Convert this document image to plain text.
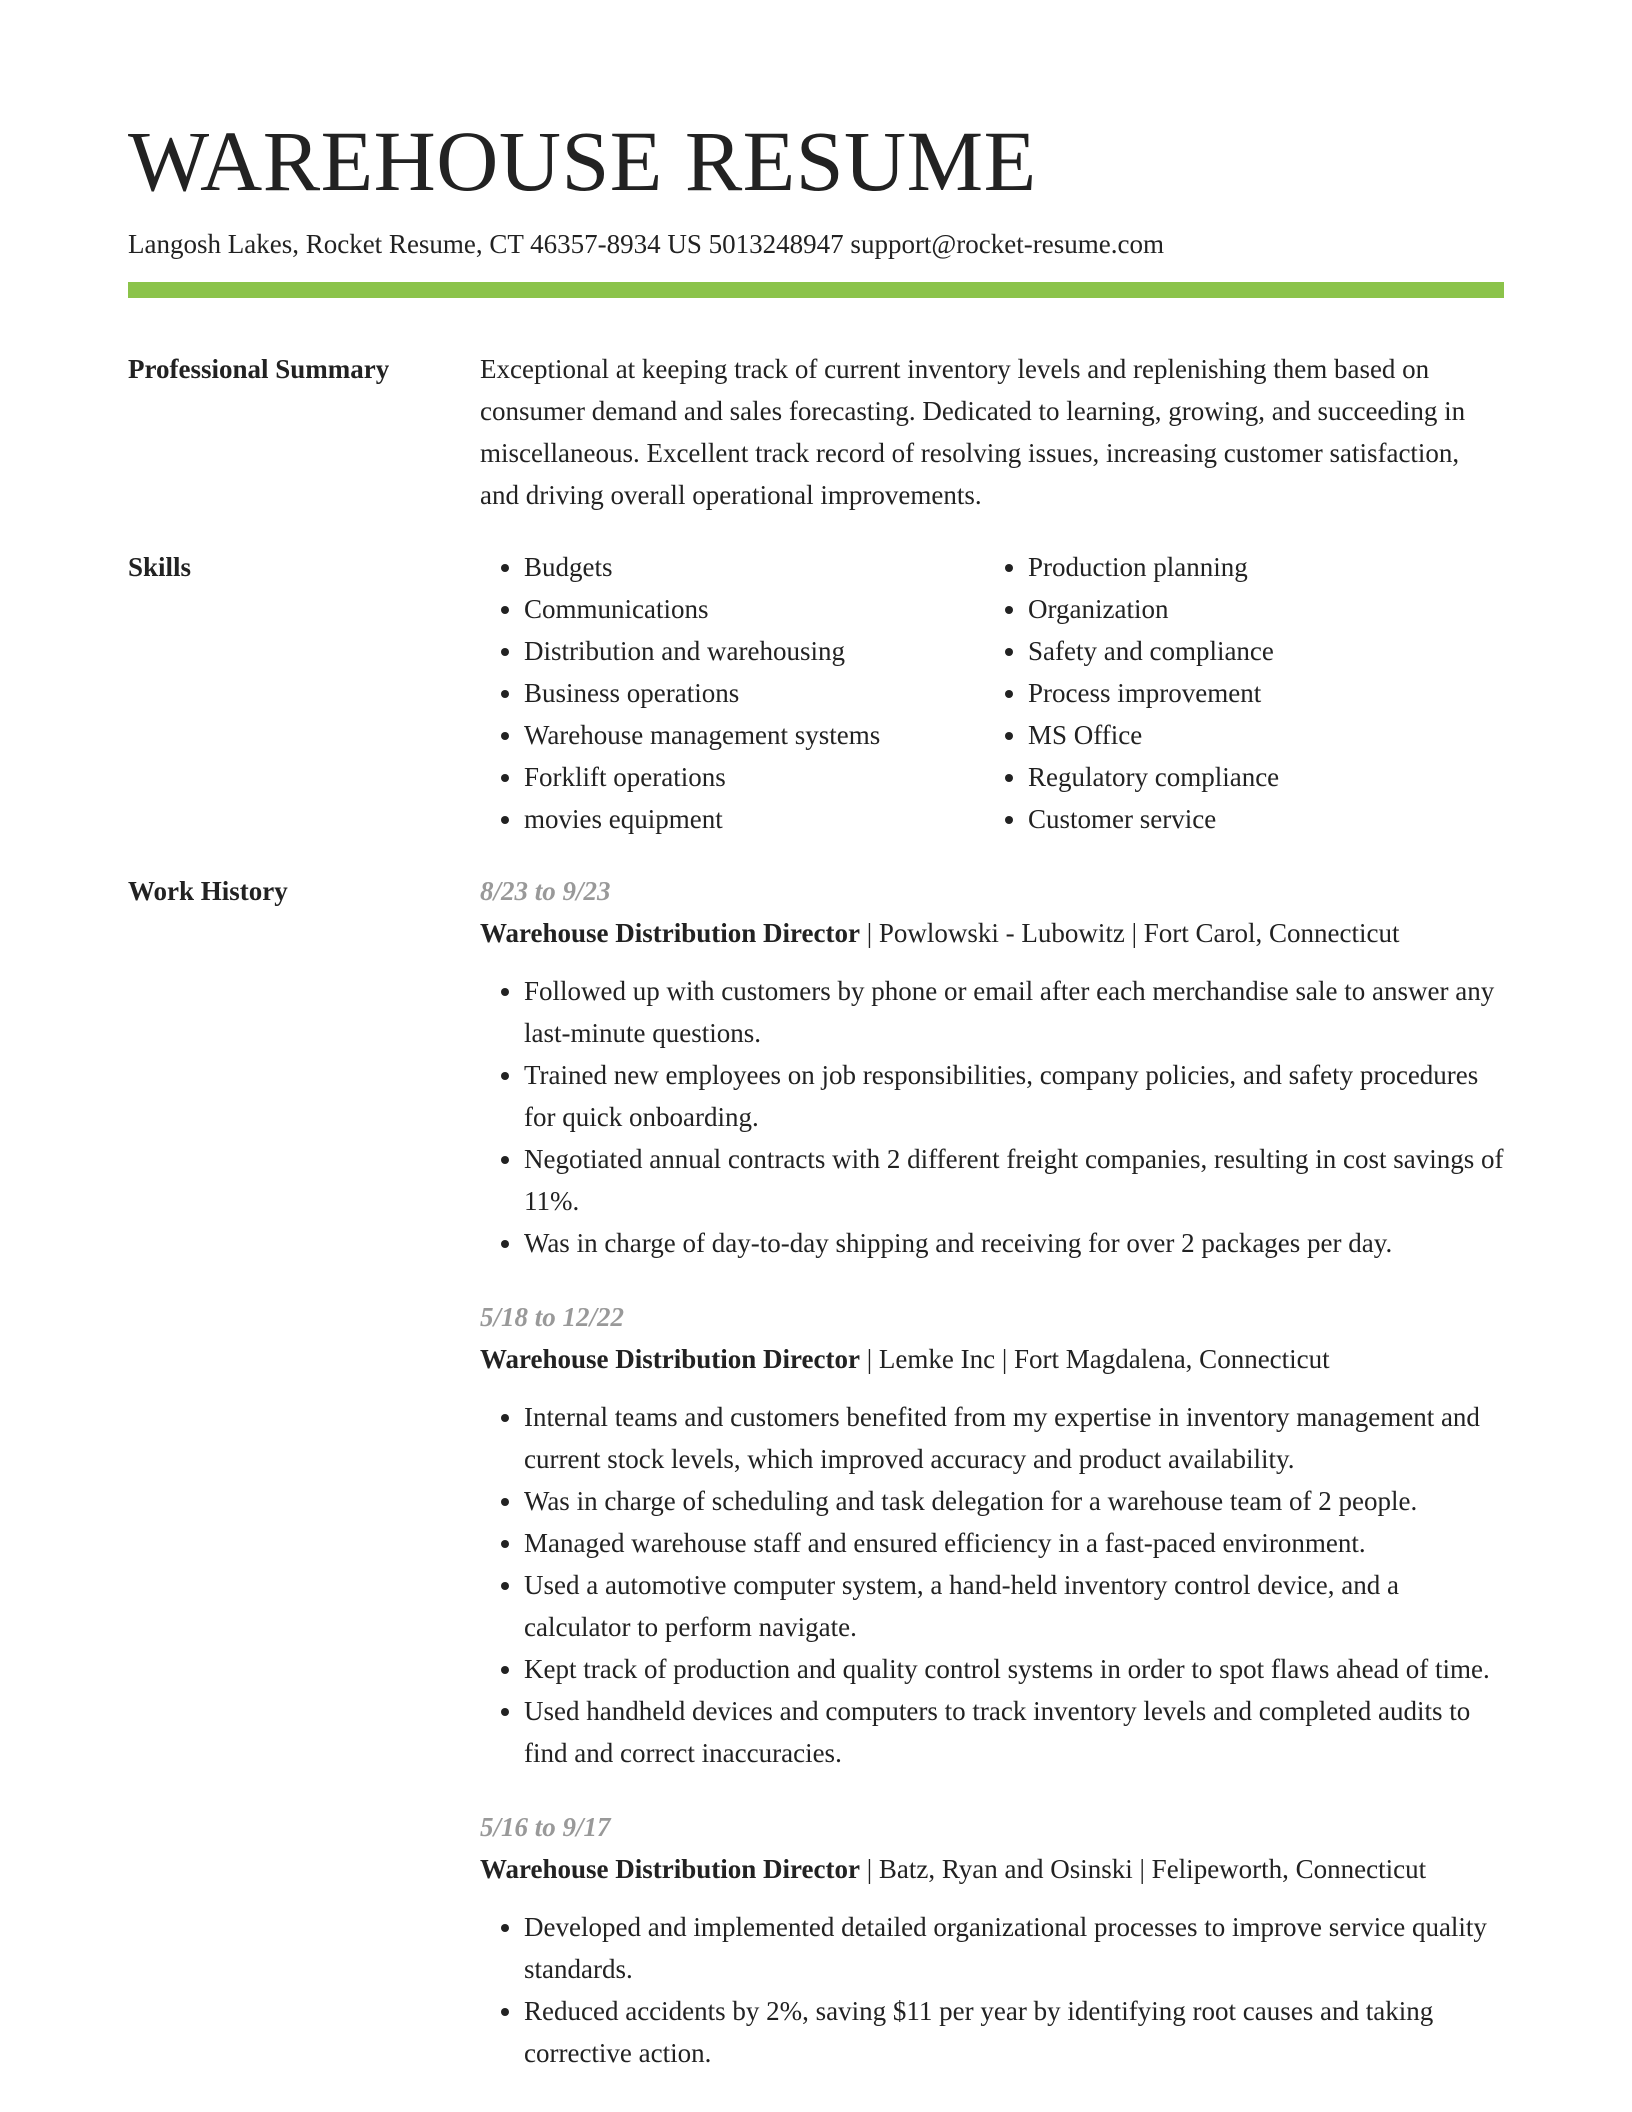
WAREHOUSE RESUME
Langosh Lakes, Rocket Resume, CT 46357-8934 US 5013248947 support@rocket-resume.com
Professional Summary	Exceptional at keeping track of current inventory levels and replenishing them based on consumer demand and sales forecasting. Dedicated to learning, growing, and succeeding in miscellaneous. Excellent track record of resolving issues, increasing customer satisfaction, and driving overall operational improvements.
Skills
•	Budgets
• Communications
• Distribution and warehousing
• Business operations
• Warehouse management systems
• Forklift operations
• movies equipment
• Production planning
• Organization
• Safety and compliance
• Process improvement
• MS Office
• Regulatory compliance
• Customer service
Work History	8/23 to 9/23
Warehouse Distribution Director | Powlowski - Lubowitz | Fort Carol, Connecticut
• Followed up with customers by phone or email after each merchandise sale to answer any last-minute questions.
• Trained new employees on job responsibilities, company policies, and safety procedures for quick onboarding.
• Negotiated annual contracts with 2 different freight companies, resulting in cost savings of 11%.
• Was in charge of day-to-day shipping and receiving for over 2 packages per day.
5/18 to 12/22
Warehouse Distribution Director | Lemke Inc | Fort Magdalena, Connecticut
• Internal teams and customers benefited from my expertise in inventory management and current stock levels, which improved accuracy and product availability.
• Was in charge of scheduling and task delegation for a warehouse team of 2 people.
• Managed warehouse staff and ensured efficiency in a fast-paced environment.
• Used a automotive computer system, a hand-held inventory control device, and a calculator to perform navigate.
• Kept track of production and quality control systems in order to spot flaws ahead of time.
• Used handheld devices and computers to track inventory levels and completed audits to find and correct inaccuracies.
5/16 to 9/17
Warehouse Distribution Director | Batz, Ryan and Osinski | Felipeworth, Connecticut
• Developed and implemented detailed organizational processes to improve service quality standards.
• Reduced accidents by 2%, saving $11 per year by identifying root causes and taking corrective action.
